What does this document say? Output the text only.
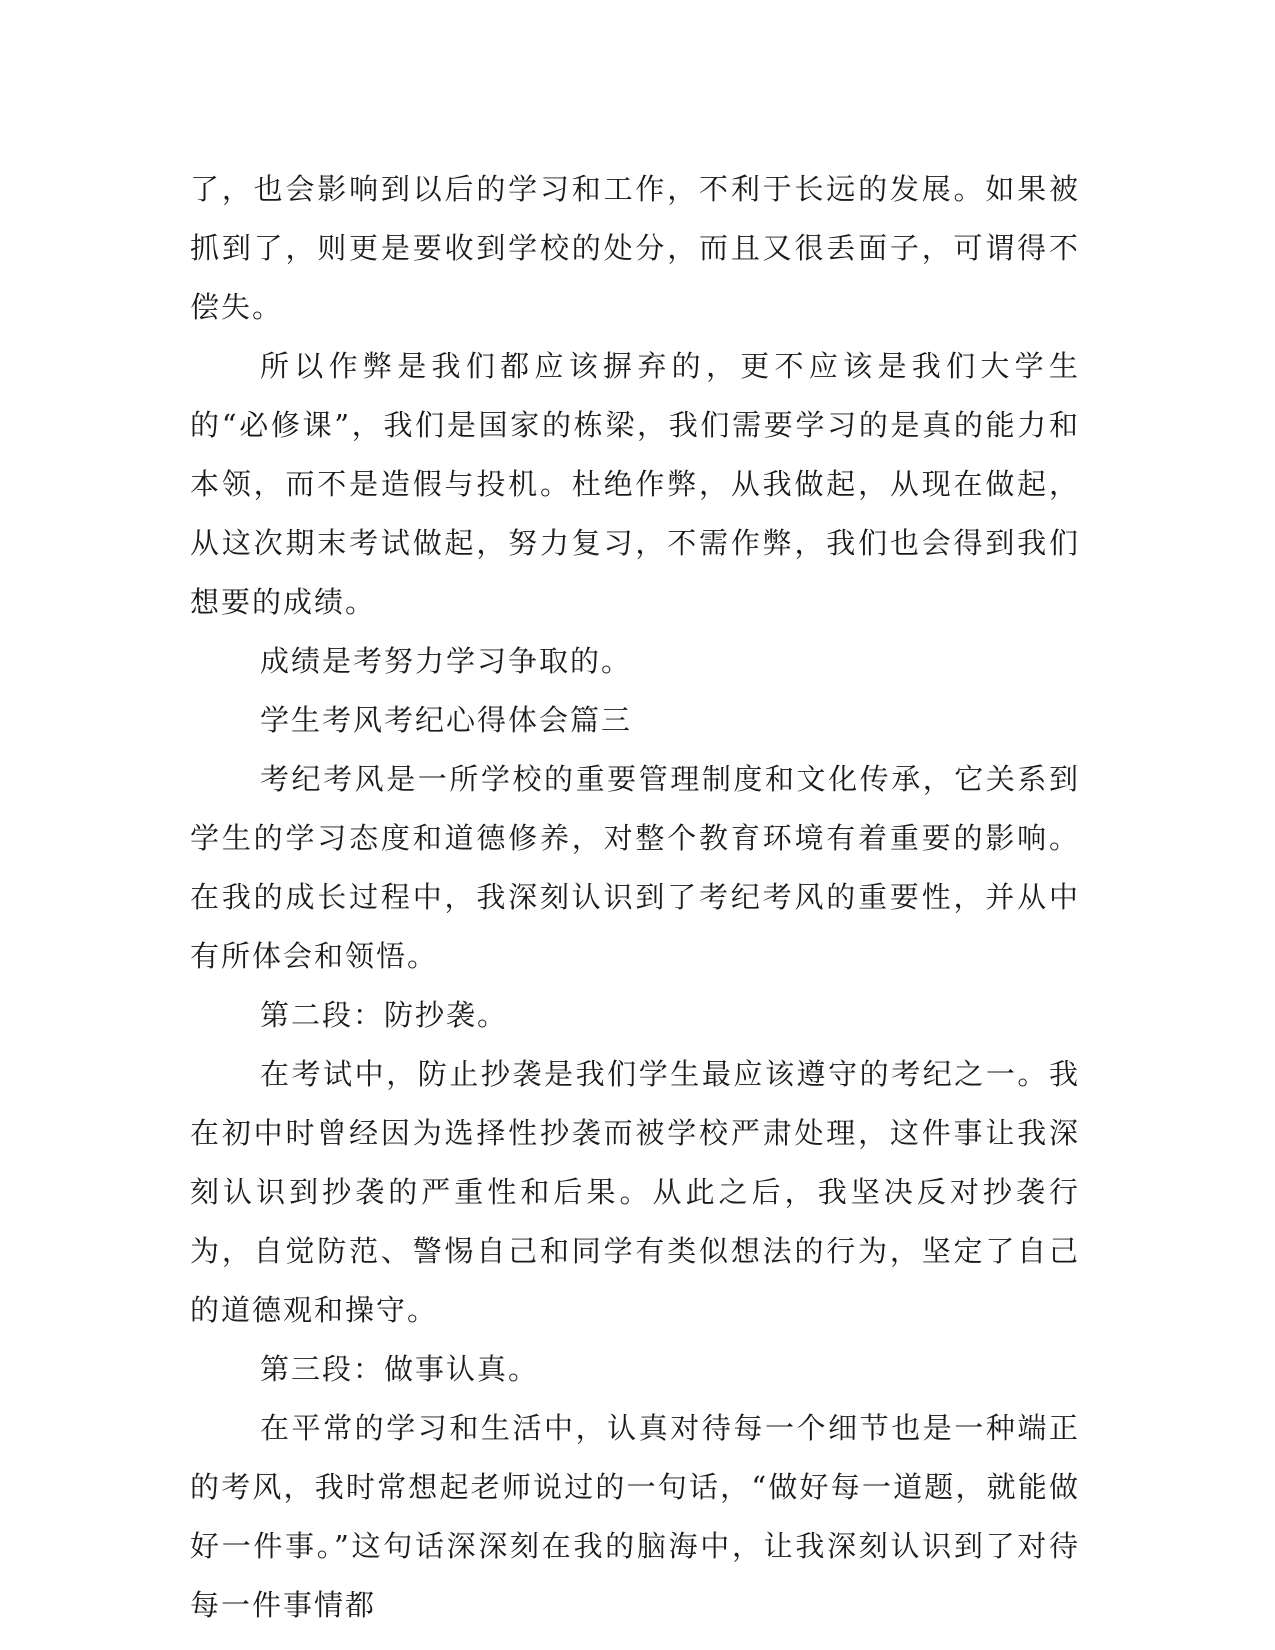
了，也会影响到以后的学习和工作，不利于长远的发展。如果被抓到了，则更是要收到学校的处分，而且又很丢面子，可谓得不偿失。

所以作弊是我们都应该摒弃的，更不应该是我们大学生的“必修课”，我们是国家的栋梁，我们需要学习的是真的能力和本领，而不是造假与投机。杜绝作弊，从我做起，从现在做起，从这次期末考试做起，努力复习，不需作弊，我们也会得到我们想要的成绩。

成绩是考努力学习争取的。

学生考风考纪心得体会篇三

考纪考风是一所学校的重要管理制度和文化传承，它关系到学生的学习态度和道德修养，对整个教育环境有着重要的影响。在我的成长过程中，我深刻认识到了考纪考风的重要性，并从中有所体会和领悟。

第二段：防抄袭。

在考试中，防止抄袭是我们学生最应该遵守的考纪之一。我在初中时曾经因为选择性抄袭而被学校严肃处理，这件事让我深刻认识到抄袭的严重性和后果。从此之后，我坚决反对抄袭行为，自觉防范、警惕自己和同学有类似想法的行为，坚定了自己的道德观和操守。

第三段：做事认真。

在平常的学习和生活中，认真对待每一个细节也是一种端正的考风，我时常想起老师说过的一句话，“做好每一道题，就能做好一件事。”这句话深深刻在我的脑海中，让我深刻认识到了对待每一件事情都
